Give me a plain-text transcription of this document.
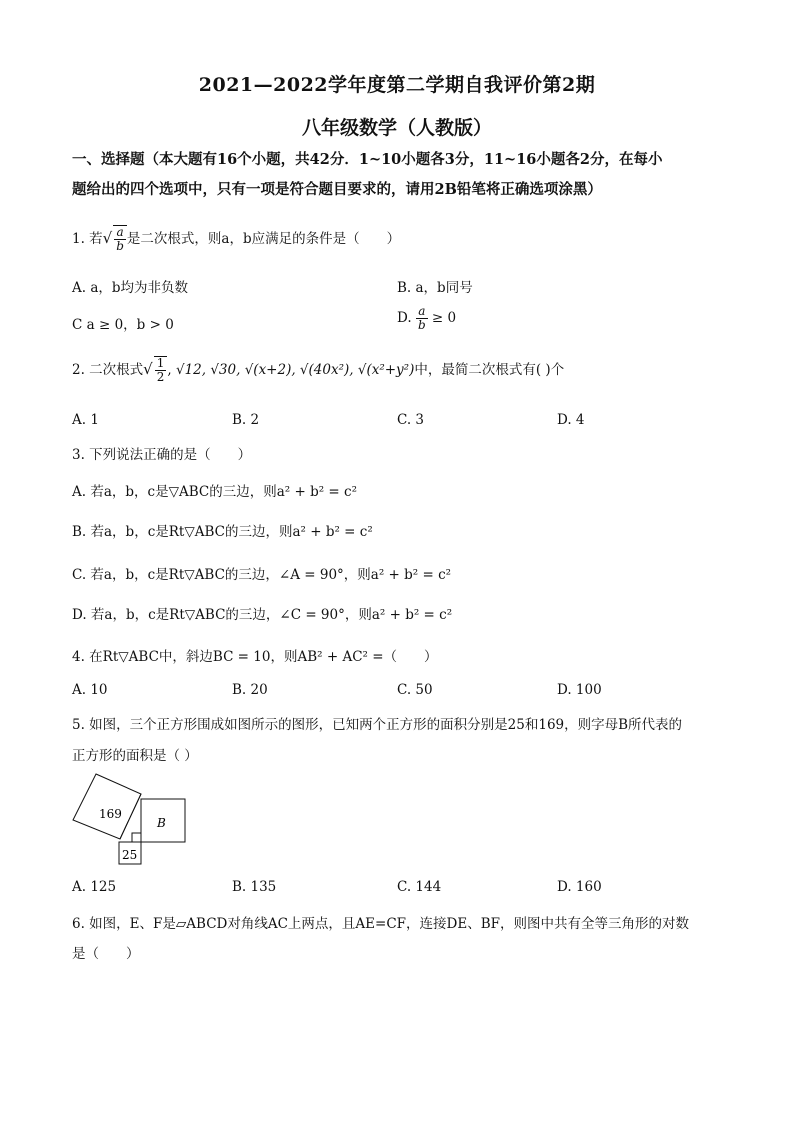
2021—2022学年度第二学期自我评价第2期
八年级数学（人教版）
一、选择题（本大题有16个小题，共42分．1~10小题各3分，11~16小题各2分，在每小
题给出的四个选项中，只有一项是符合题目要求的，请用2B铅笔将正确选项涂黑）
1. 若√ $\frac{a}{b}$ 是二次根式，则a，b应满足的条件是（　　）
A. a，b均为非负数	B. a，b同号
C a ≥ 0，b > 0	D. $\frac{a}{b} \ge 0$
2. 二次根式√ $\frac{1}{2}$ , √12, √30, √(x+2), √(40x²), √(x²+y²)中，最简二次根式有( )个
A. 1	B. 2	C. 3	D. 4
3. 下列说法正确的是（　　）
A. 若a，b，c是▽ABC的三边，则a² + b² = c²
B. 若a，b，c是Rt▽ABC的三边，则a² + b² = c²
C. 若a，b，c是Rt▽ABC的三边，∠A = 90°，则a² + b² = c²
D. 若a，b，c是Rt▽ABC的三边，∠C = 90°，则a² + b² = c²
4. 在Rt▽ABC中，斜边BC = 10，则AB² + AC² =（　　）
A. 10	B. 20	C. 50	D. 100
5. 如图，三个正方形围成如图所示的图形，已知两个正方形的面积分别是25和169，则字母B所代表的
正方形的面积是（ ）
169
B
25
A. 125	B. 135	C. 144	D. 160
6. 如图，E、F是▱ABCD对角线AC上两点，且AE=CF，连接DE、BF，则图中共有全等三角形的对数
是（　　）
